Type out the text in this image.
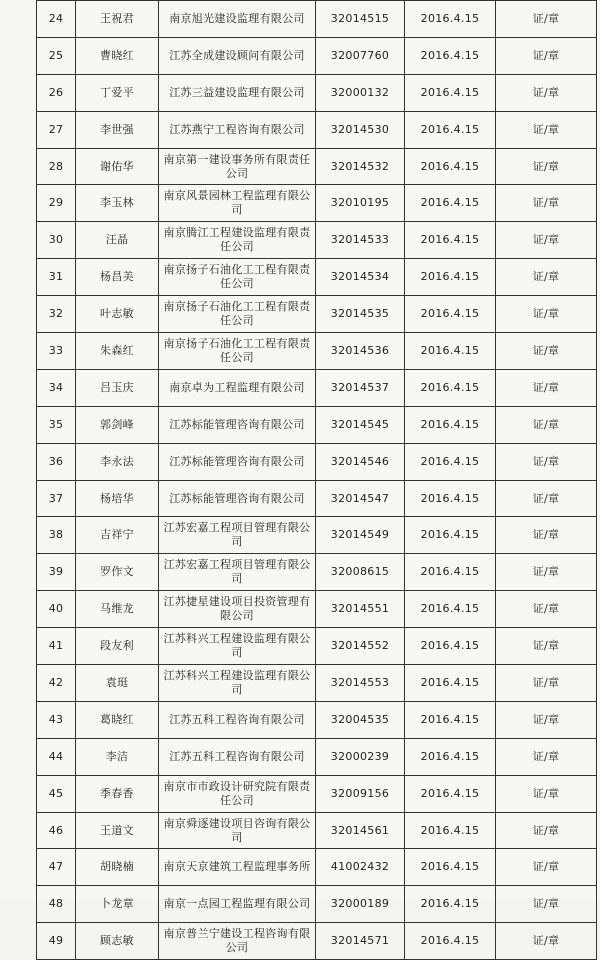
24	王祝君	南京旭光建设监理有限公司	32014515	2016.4.15	证/章
25	曹晓红	江苏全成建设顾问有限公司	32007760	2016.4.15	证/章
26	丁爱平	江苏三益建设监理有限公司	32000132	2016.4.15	证/章
27	李世强	江苏燕宁工程咨询有限公司	32014530	2016.4.15	证/章
28	谢佑华	南京第一建设事务所有限责任公司	32014532	2016.4.15	证/章
29	李玉林	南京风景园林工程监理有限公司	32010195	2016.4.15	证/章
30	汪晶	南京腾江工程建设监理有限责任公司	32014533	2016.4.15	证/章
31	杨昌美	南京扬子石油化工工程有限责任公司	32014534	2016.4.15	证/章
32	叶志敏	南京扬子石油化工工程有限责任公司	32014535	2016.4.15	证/章
33	朱森红	南京扬子石油化工工程有限责任公司	32014536	2016.4.15	证/章
34	吕玉庆	南京卓为工程监理有限公司	32014537	2016.4.15	证/章
35	郭剑峰	江苏标能管理咨询有限公司	32014545	2016.4.15	证/章
36	李永法	江苏标能管理咨询有限公司	32014546	2016.4.15	证/章
37	杨培华	江苏标能管理咨询有限公司	32014547	2016.4.15	证/章
38	吉祥宁	江苏宏嘉工程项目管理有限公司	32014549	2016.4.15	证/章
39	罗作文	江苏宏嘉工程项目管理有限公司	32008615	2016.4.15	证/章
40	马维龙	江苏捷星建设项目投资管理有限公司	32014551	2016.4.15	证/章
41	段友利	江苏科兴工程建设监理有限公司	32014552	2016.4.15	证/章
42	袁珽	江苏科兴工程建设监理有限公司	32014553	2016.4.15	证/章
43	葛晓红	江苏五科工程咨询有限公司	32004535	2016.4.15	证/章
44	李洁	江苏五科工程咨询有限公司	32000239	2016.4.15	证/章
45	季春香	南京市市政设计研究院有限责任公司	32009156	2016.4.15	证/章
46	王道文	南京舜逐建设项目咨询有限公司	32014561	2016.4.15	证/章
47	胡晓楠	南京天京建筑工程监理事务所	41002432	2016.4.15	证/章
48	卜龙章	南京一点园工程监理有限公司	32000189	2016.4.15	证/章
49	顾志敏	南京普兰宁建设工程咨询有限公司	32014571	2016.4.15	证/章
